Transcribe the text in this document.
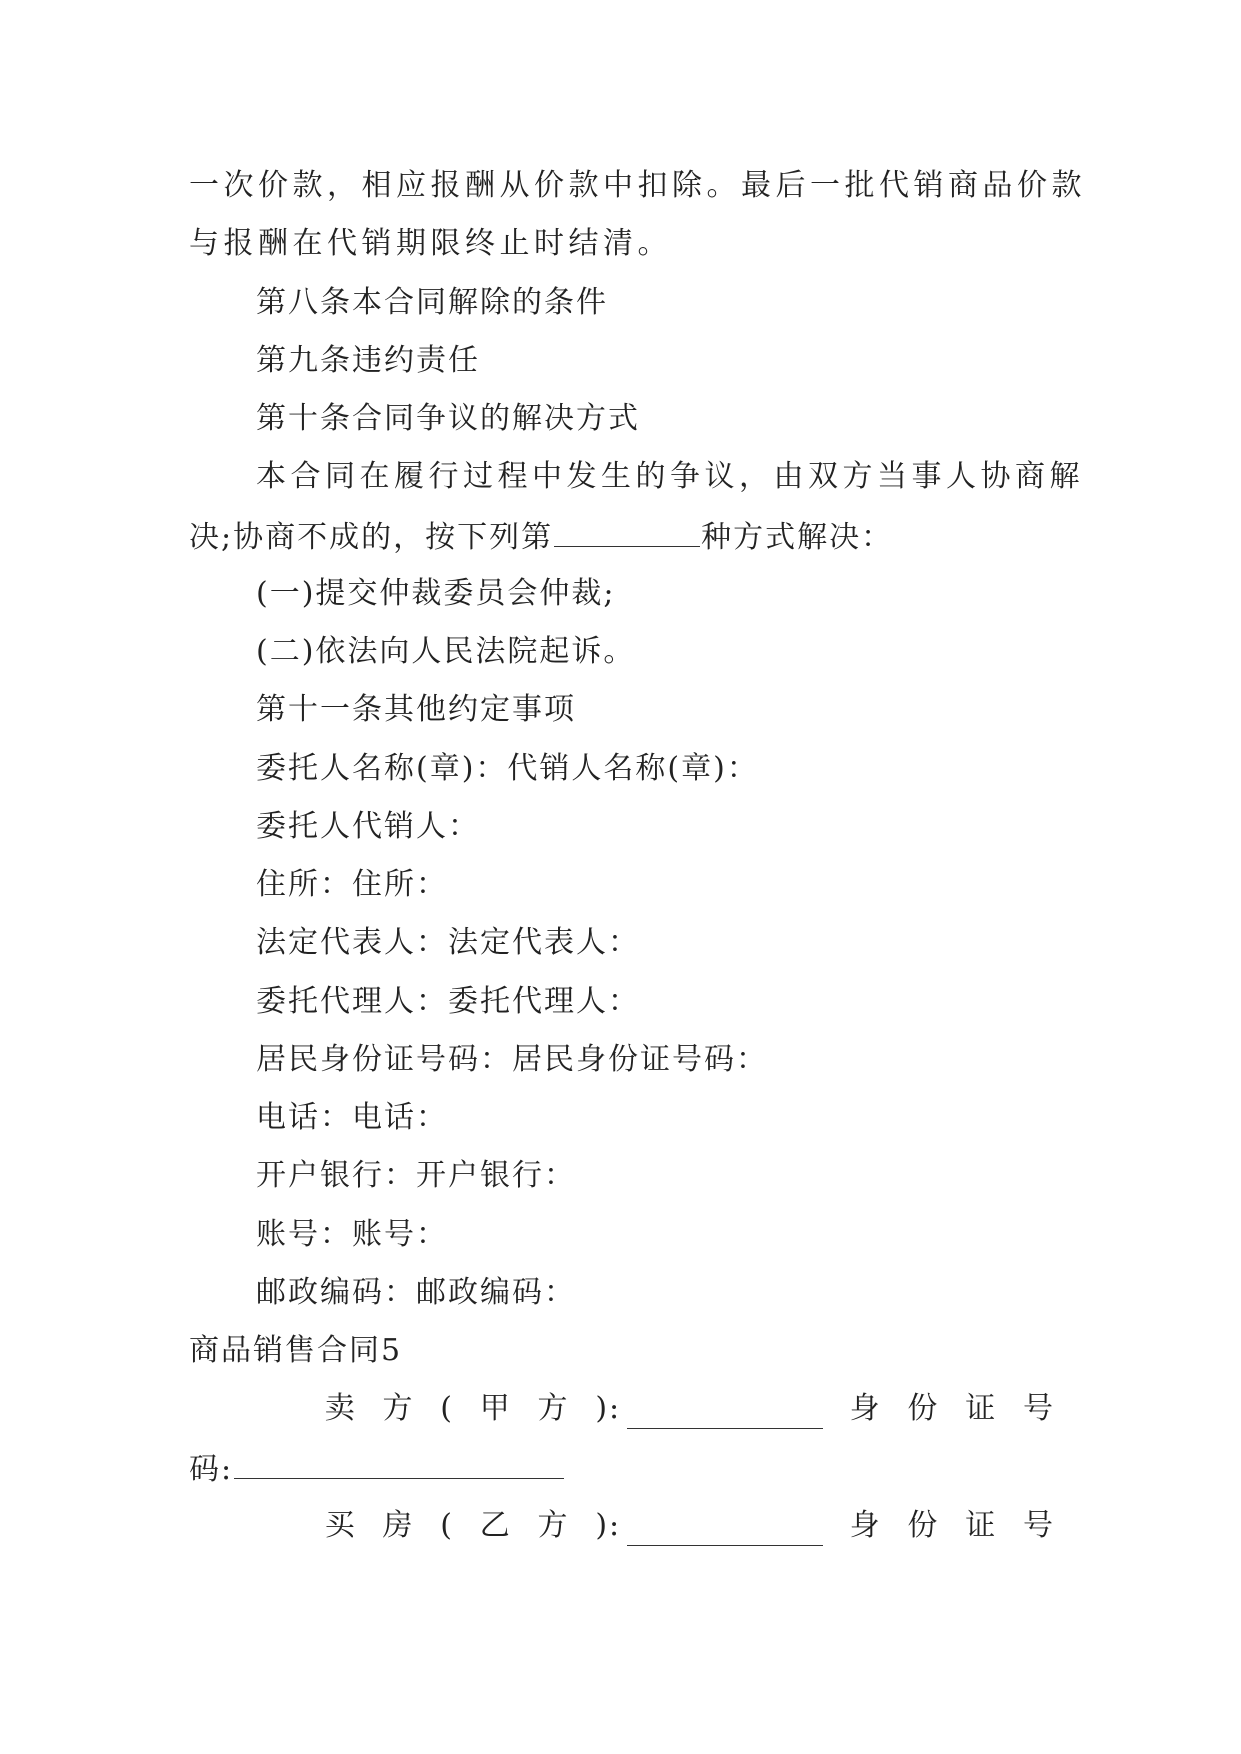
一次价款，相应报酬从价款中扣除。最后一批代销商品价款
与报酬在代销期限终止时结清。
第八条本合同解除的条件
第九条违约责任
第十条合同争议的解决方式
本合同在履行过程中发生的争议，由双方当事人协商解
决;协商不成的，按下列第	种方式解决：
(一)提交仲裁委员会仲裁;
(二)依法向人民法院起诉。
第十一条其他约定事项
委托人名称(章)：代销人名称(章)：
委托人代销人：
住所：住所：
法定代表人：法定代表人：
委托代理人：委托代理人：
居民身份证号码：居民身份证号码：
电话：电话：
开户银行：开户银行：
账号：账号：
邮政编码：邮政编码：
商品销售合同5
卖 方 ( 甲 方 ):	身 份 证 号
码:
买 房 ( 乙 方 ):	身 份 证 号
